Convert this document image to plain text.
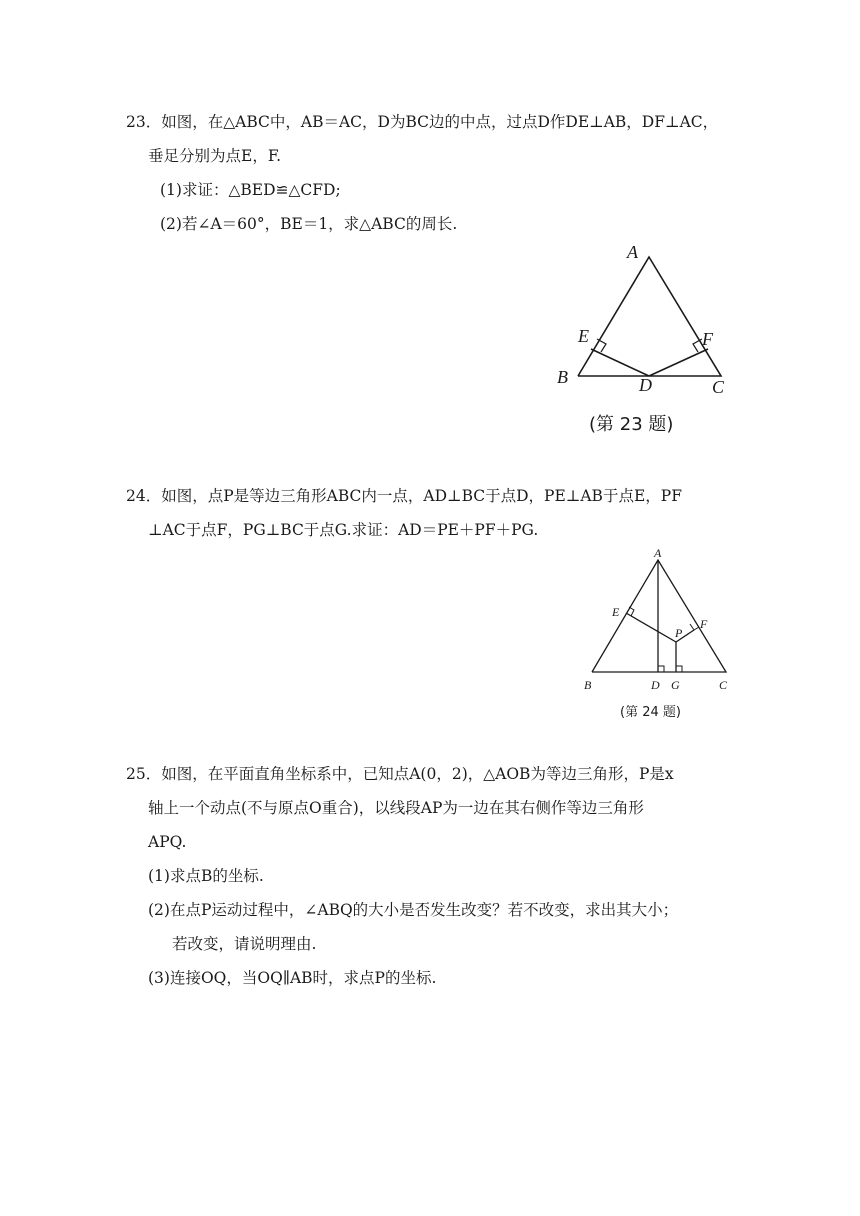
23．如图，在△ABC中，AB＝AC，D为BC边的中点，过点D作DE⊥AB，DF⊥AC，
垂足分别为点E，F.
(1)求证：△BED≌△CFD;
(2)若∠A＝60°，BE＝1，求△ABC的周长.
A
B	C
D
E	F
(第 23 题)
24．如图，点P是等边三角形ABC内一点，AD⊥BC于点D，PE⊥AB于点E，PF
⊥AC于点F，PG⊥BC于点G.求证：AD＝PE＋PF＋PG.
A
B	C
D G
E
F
P
(第 24 题)
25．如图，在平面直角坐标系中，已知点A(0，2)，△AOB为等边三角形，P是x
轴上一个动点(不与原点O重合)，以线段AP为一边在其右侧作等边三角形
APQ.
(1)求点B的坐标.
(2)在点P运动过程中，∠ABQ的大小是否发生改变？若不改变，求出其大小；
若改变，请说明理由.
(3)连接OQ，当OQ∥AB时，求点P的坐标.
